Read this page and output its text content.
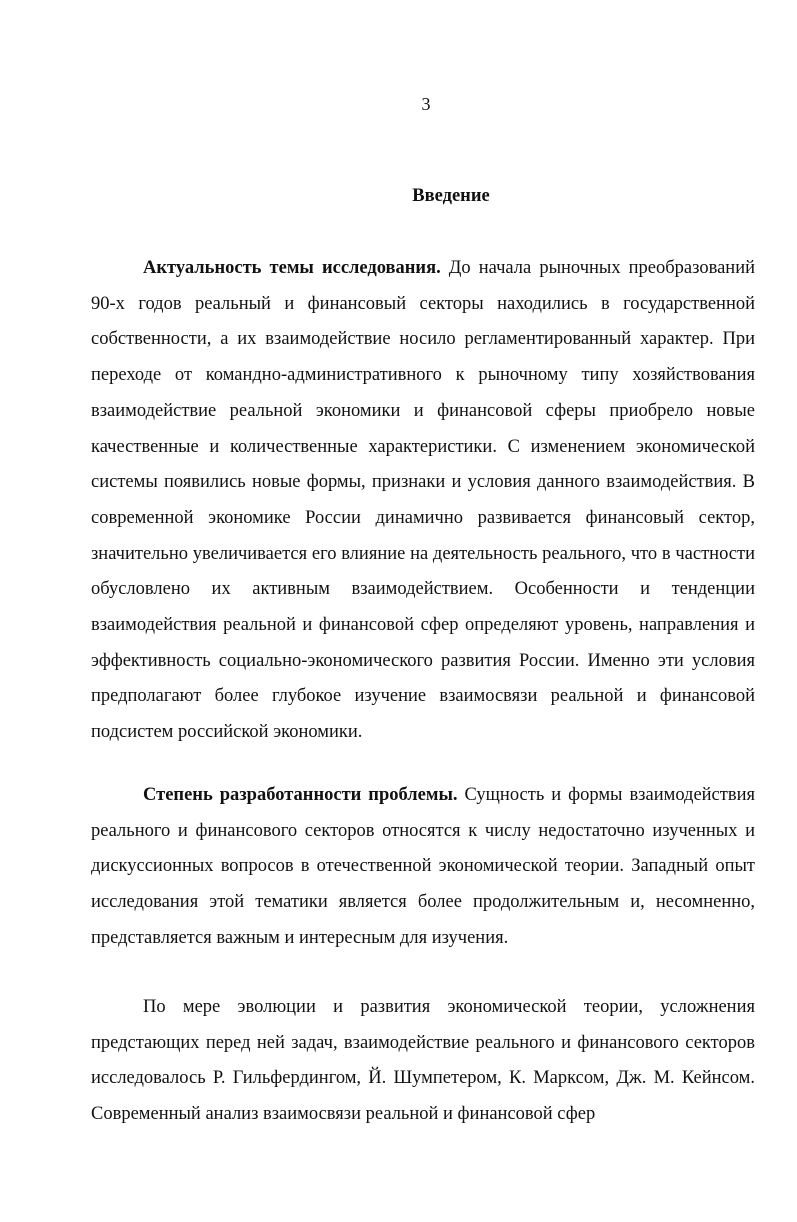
3
Введение

Актуальность темы исследования. До начала рыночных преобразований 90-х годов реальный и финансовый секторы находились в государственной собственности, а их взаимодействие носило регламентированный характер. При переходе от командно-административного к рыночному типу хозяйствования взаимодействие реальной экономики и финансовой сферы приобрело новые качественные и количественные характеристики. С изменением экономической системы появились новые формы, признаки и условия данного взаимодействия. В современной экономике России динамично развивается финансовый сектор, значительно увеличивается его влияние на деятельность реального, что в частности обусловлено их активным взаимодействием. Особенности и тенденции взаимодействия реальной и финансовой сфер определяют уровень, направления и эффективность социально-экономического развития России. Именно эти условия предполагают более глубокое изучение взаимосвязи реальной и финансовой подсистем российской экономики.

Степень разработанности проблемы. Сущность и формы взаимодействия реального и финансового секторов относятся к числу недостаточно изученных и дискуссионных вопросов в отечественной экономической теории. Западный опыт исследования этой тематики является более продолжительным и, несомненно, представляется важным и интересным для изучения.

По мере эволюции и развития экономической теории, усложнения предстающих перед ней задач, взаимодействие реального и финансового секторов исследовалось Р. Гильфердингом, Й. Шумпетером, К. Марксом, Дж. М. Кейнсом. Современный анализ взаимосвязи реальной и финансовой сфер
